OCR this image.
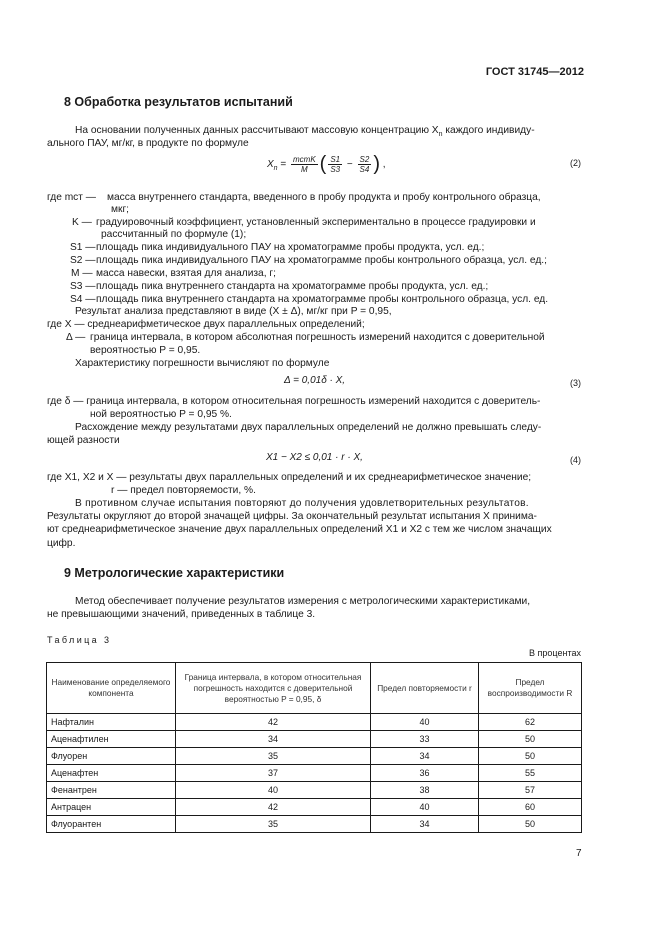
ГОСТ 31745—2012
8 Обработка результатов испытаний
На основании полученных данных рассчитывают массовую концентрацию $X_n$ каждого индивиду-
ального ПАУ, мг/кг, в продукте по формуле
$X_n = \frac{\text{mстK}}{M}$ ( $\frac{S1}{S3} - \frac{S2}{S4}$ ) ,	(2)
где mст — масса внутреннего стандарта, введенного в пробу продукта и пробу контрольного образца,
мкг;
K — градуировочный коэффициент, установленный экспериментально в процессе градуировки и
рассчитанный по формуле (1);
S1 — площадь пика индивидуального ПАУ на хроматограмме пробы продукта, усл. ед.;
S2 — площадь пика индивидуального ПАУ на хроматограмме пробы контрольного образца, усл. ед.;
M — масса навески, взятая для анализа, г;
S3 — площадь пика внутреннего стандарта на хроматограмме пробы продукта, усл. ед.;
S4 — площадь пика внутреннего стандарта на хроматограмме пробы контрольного образца, усл. ед.
Результат анализа представляют в виде (X ± Δ), мг/кг при P = 0,95,
где X — среднеарифметическое двух параллельных определений;
Δ — граница интервала, в котором абсолютная погрешность измерений находится с доверительной
вероятностью P = 0,95.
Характеристику погрешности вычисляют по формуле
Δ = 0,01δ · X,	(3)
где δ — граница интервала, в котором относительная погрешность измерений находится с доверитель-
ной вероятностью P = 0,95 %.
Расхождение между результатами двух параллельных определений не должно превышать следу-
ющей разности
X1 − X2 ≤ 0,01 · r · X,	(4)
где X1, X2 и X — результаты двух параллельных определений и их среднеарифметическое значение;
r — предел повторяемости, %.
В противном случае испытания повторяют до получения удовлетворительных результатов.
Результаты округляют до второй значащей цифры. За окончательный результат испытания X принима-
ют среднеарифметическое значение двух параллельных определений X1 и X2 с тем же числом значащих
цифр.
9 Метрологические характеристики
Метод обеспечивает получение результатов измерения с метрологическими характеристиками,
не превышающими значений, приведенных в таблице 3.
Таблица 3
В процентах
Наименование определяемого компонента	Граница интервала, в котором относительная погрешность находится с доверительной вероятностью P = 0,95, δ	Предел повторяемости r	Предел воспроизводимости R
Нафталин	42	40	62
Аценафтилен	34	33	50
Флуорен	35	34	50
Аценафтен	37	36	55
Фенантрен	40	38	57
Антрацен	42	40	60
Флуорантен	35	34	50
7
